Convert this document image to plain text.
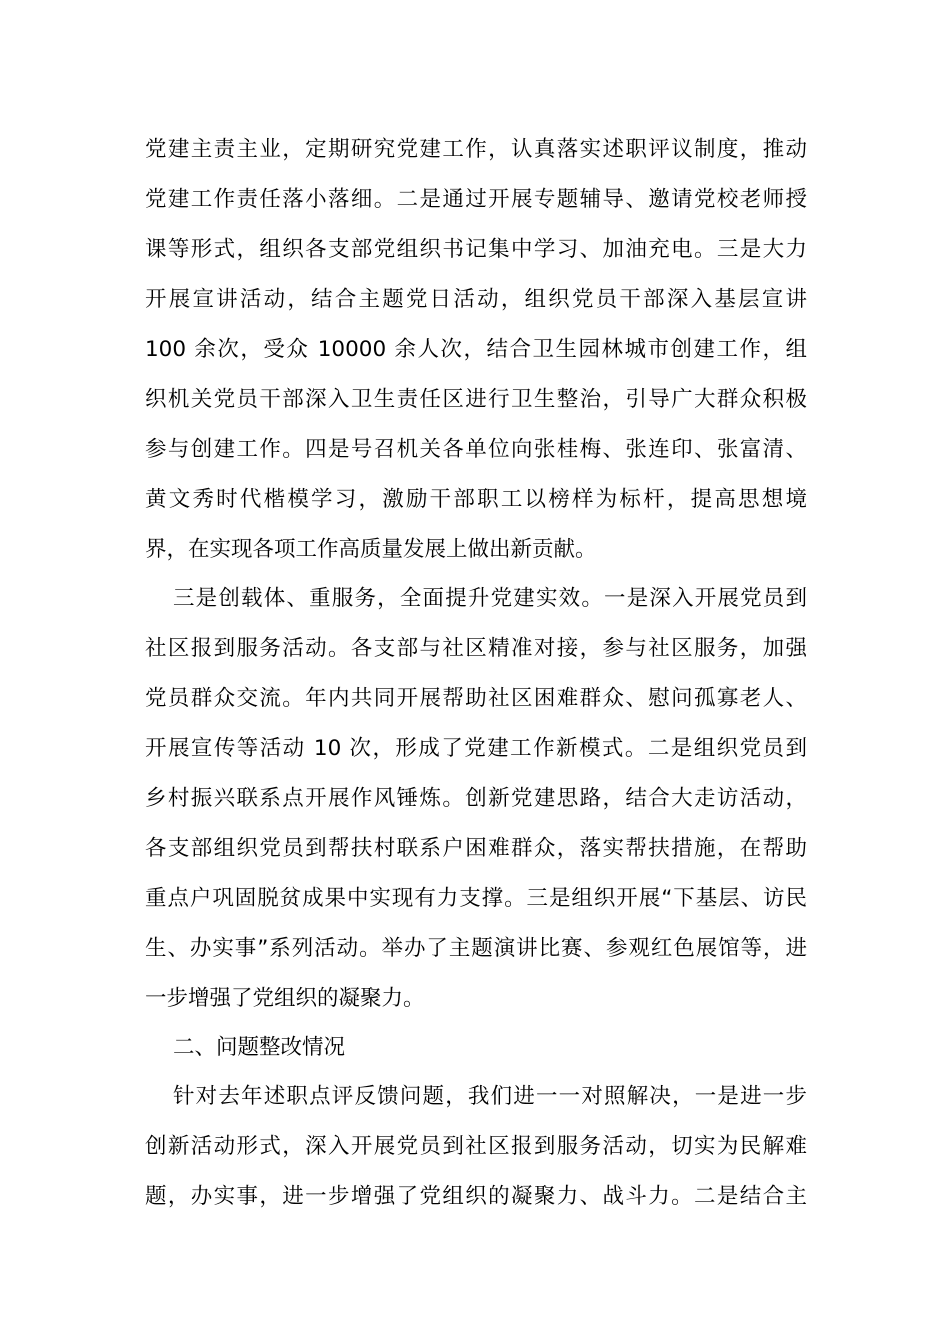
党建主责主业，定期研究党建工作，认真落实述职评议制度，推动
党建工作责任落小落细。二是通过开展专题辅导、邀请党校老师授
课等形式，组织各支部党组织书记集中学习、加油充电。三是大力
开展宣讲活动，结合主题党日活动，组织党员干部深入基层宣讲
100 余次，受众 10000 余人次，结合卫生园林城市创建工作，组
织机关党员干部深入卫生责任区进行卫生整治，引导广大群众积极
参与创建工作。四是号召机关各单位向张桂梅、张连印、张富清、
黄文秀时代楷模学习，激励干部职工以榜样为标杆，提高思想境
界，在实现各项工作高质量发展上做出新贡献。
三是创载体、重服务，全面提升党建实效。一是深入开展党员到
社区报到服务活动。各支部与社区精准对接，参与社区服务，加强
党员群众交流。年内共同开展帮助社区困难群众、慰问孤寡老人、
开展宣传等活动 10 次，形成了党建工作新模式。二是组织党员到
乡村振兴联系点开展作风锤炼。创新党建思路，结合大走访活动，
各支部组织党员到帮扶村联系户困难群众，落实帮扶措施，在帮助
重点户巩固脱贫成果中实现有力支撑。三是组织开展“下基层、访民
生、办实事”系列活动。举办了主题演讲比赛、参观红色展馆等，进
一步增强了党组织的凝聚力。
二、问题整改情况
针对去年述职点评反馈问题，我们进一一对照解决，一是进一步
创新活动形式，深入开展党员到社区报到服务活动，切实为民解难
题，办实事，进一步增强了党组织的凝聚力、战斗力。二是结合主
